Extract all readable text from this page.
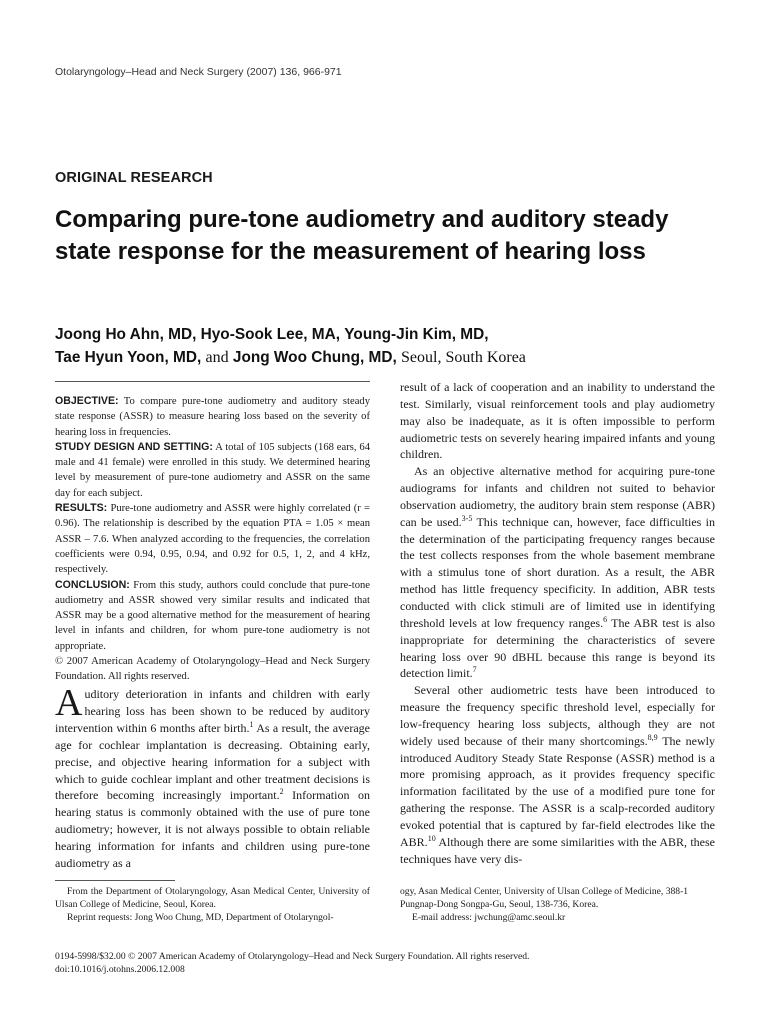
Otolaryngology–Head and Neck Surgery (2007) 136, 966-971
ORIGINAL RESEARCH
Comparing pure-tone audiometry and auditory steady state response for the measurement of hearing loss
Joong Ho Ahn, MD, Hyo-Sook Lee, MA, Young-Jin Kim, MD,
Tae Hyun Yoon, MD, and Jong Woo Chung, MD, Seoul, South Korea

OBJECTIVE: To compare pure-tone audiometry and auditory steady state response (ASSR) to measure hearing loss based on the severity of hearing loss in frequencies.

STUDY DESIGN AND SETTING: A total of 105 subjects (168 ears, 64 male and 41 female) were enrolled in this study. We determined hearing level by measurement of pure-tone audiometry and ASSR on the same day for each subject.

RESULTS: Pure-tone audiometry and ASSR were highly correlated (r = 0.96). The relationship is described by the equation PTA = 1.05 × mean ASSR – 7.6. When analyzed according to the frequencies, the correlation coefficients were 0.94, 0.95, 0.94, and 0.92 for 0.5, 1, 2, and 4 kHz, respectively.

CONCLUSION: From this study, authors could conclude that pure-tone audiometry and ASSR showed very similar results and indicated that ASSR may be a good alternative method for the measurement of hearing level in infants and children, for whom pure-tone audiometry is not appropriate.

© 2007 American Academy of Otolaryngology–Head and Neck Surgery Foundation. All rights reserved.

Auditory deterioration in infants and children with early hearing loss has been shown to be reduced by auditory intervention within 6 months after birth.$^1$ As a result, the average age for cochlear implantation is decreasing. Obtaining early, precise, and objective hearing information for a subject with which to guide cochlear implant and other treatment decisions is therefore becoming increasingly important.$^2$ Information on hearing status is commonly obtained with the use of pure tone audiometry; however, it is not always possible to obtain reliable hearing information for infants and children using pure-tone audiometry as a

result of a lack of cooperation and an inability to understand the test. Similarly, visual reinforcement tools and play audiometry may also be inadequate, as it is often impossible to perform audiometric tests on severely hearing impaired infants and young children.

As an objective alternative method for acquiring pure-tone audiograms for infants and children not suited to behavior observation audiometry, the auditory brain stem response (ABR) can be used.$^{3-5}$ This technique can, however, face difficulties in the determination of the participating frequency ranges because the test collects responses from the whole basement membrane with a stimulus tone of short duration. As a result, the ABR method has little frequency specificity. In addition, ABR tests conducted with click stimuli are of limited use in identifying threshold levels at low frequency ranges.$^6$ The ABR test is also inappropriate for determining the characteristics of severe hearing loss over 90 dBHL because this range is beyond its detection limit.$^7$

Several other audiometric tests have been introduced to measure the frequency specific threshold level, especially for low-frequency hearing loss subjects, although they are not widely used because of their many shortcomings.$^{8,9}$ The newly introduced Auditory Steady State Response (ASSR) method is a more promising approach, as it provides frequency specific information facilitated by the use of a modified pure tone for gathering the response. The ASSR is a scalp-recorded auditory evoked potential that is captured by far-field electrodes like the ABR.$^{10}$ Although there are some similarities with the ABR, these techniques have very dis-

From the Department of Otolaryngology, Asan Medical Center, University of Ulsan College of Medicine, Seoul, Korea.

Reprint requests: Jong Woo Chung, MD, Department of Otolaryngol-

ogy, Asan Medical Center, University of Ulsan College of Medicine, 388-1 Pungnap-Dong Songpa-Gu, Seoul, 138-736, Korea.

E-mail address: jwchung@amc.seoul.kr

0194-5998/$32.00 © 2007 American Academy of Otolaryngology–Head and Neck Surgery Foundation. All rights reserved.

doi:10.1016/j.otohns.2006.12.008
